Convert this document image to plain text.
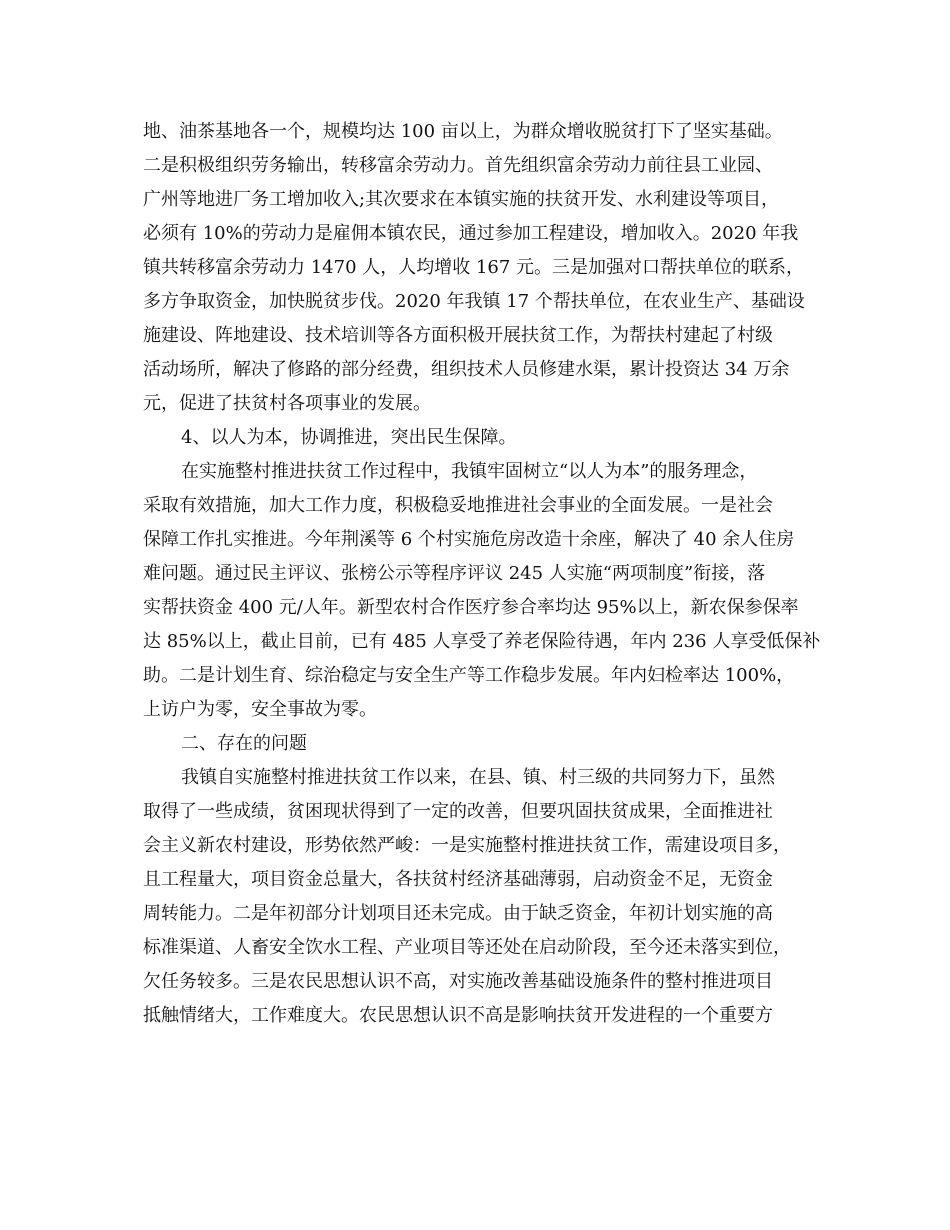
地、油茶基地各一个，规模均达 100 亩以上，为群众增收脱贫打下了坚实基础。
二是积极组织劳务输出，转移富余劳动力。首先组织富余劳动力前往县工业园、
广州等地进厂务工增加收入;其次要求在本镇实施的扶贫开发、水利建设等项目，
必须有 10%的劳动力是雇佣本镇农民，通过参加工程建设，增加收入。2020 年我
镇共转移富余劳动力 1470 人，人均增收 167 元。三是加强对口帮扶单位的联系，
多方争取资金，加快脱贫步伐。2020 年我镇 17 个帮扶单位，在农业生产、基础设
施建设、阵地建设、技术培训等各方面积极开展扶贫工作，为帮扶村建起了村级
活动场所，解决了修路的部分经费，组织技术人员修建水渠，累计投资达 34 万余
元，促进了扶贫村各项事业的发展。
4、以人为本，协调推进，突出民生保障。
在实施整村推进扶贫工作过程中，我镇牢固树立“以人为本”的服务理念，
采取有效措施，加大工作力度，积极稳妥地推进社会事业的全面发展。一是社会
保障工作扎实推进。今年荆溪等 6 个村实施危房改造十余座，解决了 40 余人住房
难问题。通过民主评议、张榜公示等程序评议 245 人实施“两项制度”衔接，落
实帮扶资金 400 元/人年。新型农村合作医疗参合率均达 95%以上，新农保参保率
达 85%以上，截止目前，已有 485 人享受了养老保险待遇，年内 236 人享受低保补
助。二是计划生育、综治稳定与安全生产等工作稳步发展。年内妇检率达 100%，
上访户为零，安全事故为零。
二、存在的问题
我镇自实施整村推进扶贫工作以来，在县、镇、村三级的共同努力下，虽然
取得了一些成绩，贫困现状得到了一定的改善，但要巩固扶贫成果，全面推进社
会主义新农村建设，形势依然严峻：一是实施整村推进扶贫工作，需建设项目多，
且工程量大，项目资金总量大，各扶贫村经济基础薄弱，启动资金不足，无资金
周转能力。二是年初部分计划项目还未完成。由于缺乏资金，年初计划实施的高
标准渠道、人畜安全饮水工程、产业项目等还处在启动阶段，至今还未落实到位，
欠任务较多。三是农民思想认识不高，对实施改善基础设施条件的整村推进项目
抵触情绪大，工作难度大。农民思想认识不高是影响扶贫开发进程的一个重要方
